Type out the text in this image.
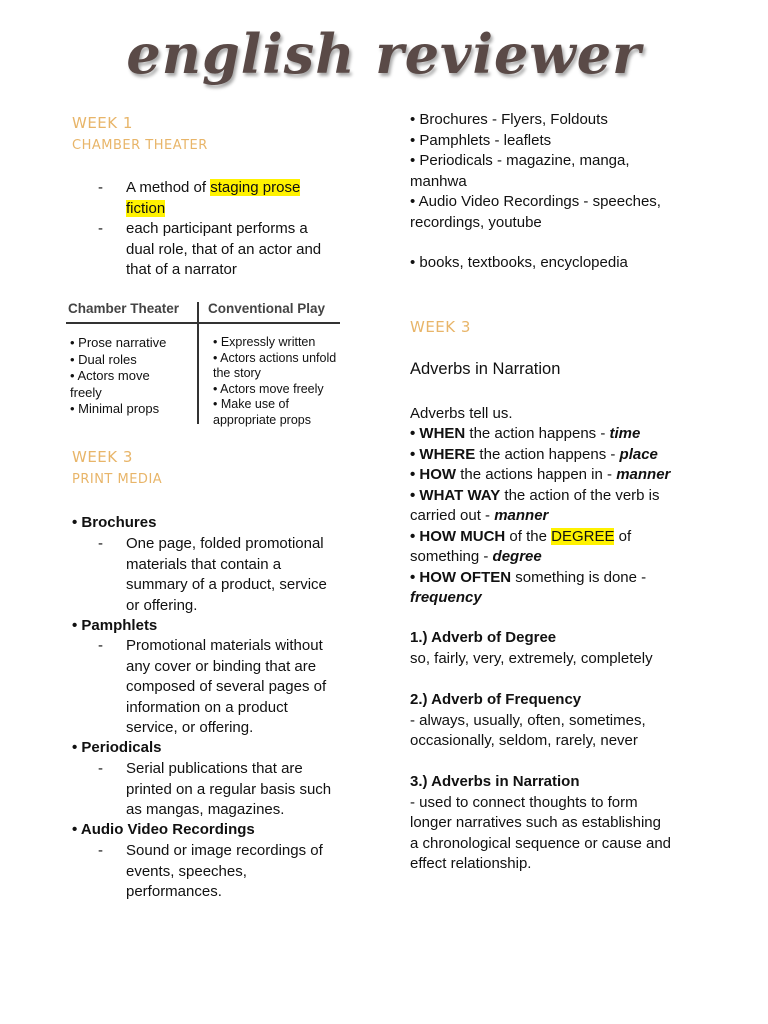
english reviewer
WEEK 1
CHAMBER THEATER
- A method of staging prose
fiction
- each participant performs a
dual role, that of an actor and
that of a narrator
Chamber Theater Conventional Play
• Prose narrative
• Dual roles
• Actors move
freely
• Minimal props
• Expressly written
• Actors actions unfold
the story
• Actors move freely
• Make use of
appropriate props
WEEK 3
PRINT MEDIA
• Brochures
- One page, folded promotional
materials that contain a
summary of a product, service
or offering.
• Pamphlets
- Promotional materials without
any cover or binding that are
composed of several pages of
information on a product
service, or offering.
• Periodicals
- Serial publications that are
printed on a regular basis such
as mangas, magazines.
• Audio Video Recordings
- Sound or image recordings of
events, speeches,
performances.
• Brochures - Flyers, Foldouts
• Pamphlets - leaflets
• Periodicals - magazine, manga,
manhwa
• Audio Video Recordings - speeches,
recordings, youtube
• books, textbooks, encyclopedia
WEEK 3
Adverbs in Narration
Adverbs tell us.
• WHEN the action happens - time
• WHERE the action happens - place
• HOW the actions happen in - manner
• WHAT WAY the action of the verb is
carried out - manner
• HOW MUCH of the DEGREE of
something - degree
• HOW OFTEN something is done -
frequency
1.) Adverb of Degree
so, fairly, very, extremely, completely
2.) Adverb of Frequency
- always, usually, often, sometimes,
occasionally, seldom, rarely, never
3.) Adverbs in Narration
- used to connect thoughts to form
longer narratives such as establishing
a chronological sequence or cause and
effect relationship.
